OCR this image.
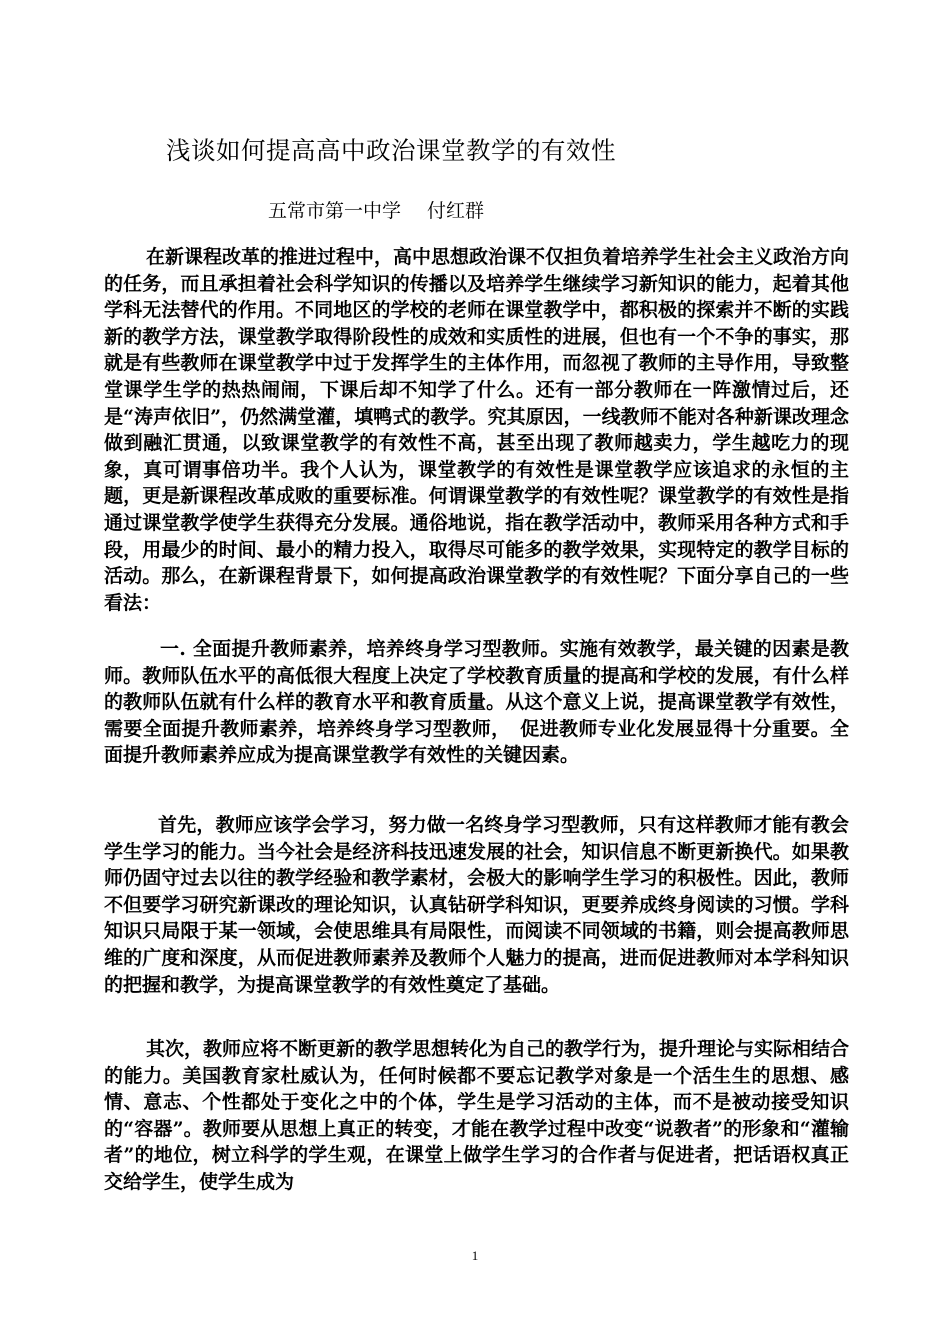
浅谈如何提高高中政治课堂教学的有效性
五常市第一中学 付红群

在新课程改革的推进过程中，高中思想政治课不仅担负着培养学生社会主义政治方向的任务，而且承担着社会科学知识的传播以及培养学生继续学习新知识的能力，起着其他学科无法替代的作用。不同地区的学校的老师在课堂教学中，都积极的探索并不断的实践新的教学方法，课堂教学取得阶段性的成效和实质性的进展，但也有一个不争的事实，那就是有些教师在课堂教学中过于发挥学生的主体作用，而忽视了教师的主导作用，导致整堂课学生学的热热闹闹，下课后却不知学了什么。还有一部分教师在一阵激情过后，还是“涛声依旧”，仍然满堂灌，填鸭式的教学。究其原因，一线教师不能对各种新课改理念做到融汇贯通，以致课堂教学的有效性不高，甚至出现了教师越卖力，学生越吃力的现象，真可谓事倍功半。我个人认为，课堂教学的有效性是课堂教学应该追求的永恒的主题，更是新课程改革成败的重要标准。何谓课堂教学的有效性呢？课堂教学的有效性是指通过课堂教学使学生获得充分发展。通俗地说，指在教学活动中，教师采用各种方式和手段，用最少的时间、最小的精力投入，取得尽可能多的教学效果，实现特定的教学目标的活动。那么，在新课程背景下，如何提高政治课堂教学的有效性呢？下面分享自己的一些看法：

一. 全面提升教师素养，培养终身学习型教师。实施有效教学，最关键的因素是教师。教师队伍水平的高低很大程度上决定了学校教育质量的提高和学校的发展，有什么样的教师队伍就有什么样的教育水平和教育质量。从这个意义上说，提高课堂教学有效性，需要全面提升教师素养，培养终身学习型教师，　促进教师专业化发展显得十分重要。全面提升教师素养应成为提高课堂教学有效性的关键因素。

首先，教师应该学会学习，努力做一名终身学习型教师，只有这样教师才能有教会学生学习的能力。当今社会是经济科技迅速发展的社会，知识信息不断更新换代。如果教师仍固守过去以往的教学经验和教学素材，会极大的影响学生学习的积极性。因此，教师不但要学习研究新课改的理论知识，认真钻研学科知识，更要养成终身阅读的习惯。学科知识只局限于某一领域，会使思维具有局限性，而阅读不同领域的书籍，则会提高教师思维的广度和深度，从而促进教师素养及教师个人魅力的提高，进而促进教师对本学科知识的把握和教学，为提高课堂教学的有效性奠定了基础。

其次，教师应将不断更新的教学思想转化为自己的教学行为，提升理论与实际相结合的能力。美国教育家杜威认为，任何时候都不要忘记教学对象是一个活生生的思想、感情、意志、个性都处于变化之中的个体，学生是学习活动的主体，而不是被动接受知识的“容器”。教师要从思想上真正的转变，才能在教学过程中改变“说教者”的形象和“灌输者”的地位，树立科学的学生观，在课堂上做学生学习的合作者与促进者，把话语权真正交给学生，使学生成为

1
